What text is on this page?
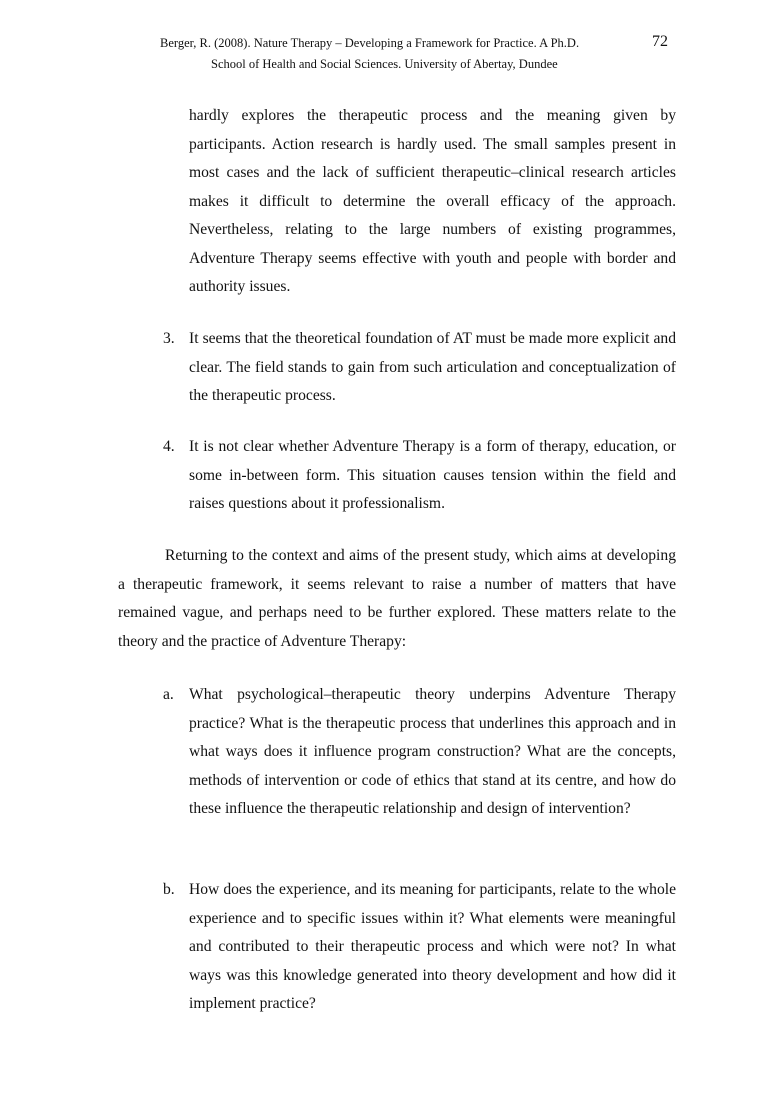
Berger, R. (2008). Nature Therapy – Developing a Framework for Practice. A Ph.D.	72
School of Health and Social Sciences. University of Abertay, Dundee
hardly explores the therapeutic process and the meaning given by participants. Action research is hardly used. The small samples present in most cases and the lack of sufficient therapeutic–clinical research articles makes it difficult to determine the overall efficacy of the approach. Nevertheless, relating to the large numbers of existing programmes, Adventure Therapy seems effective with youth and people with border and authority issues.
3. It seems that the theoretical foundation of AT must be made more explicit and clear. The field stands to gain from such articulation and conceptualization of the therapeutic process.
4. It is not clear whether Adventure Therapy is a form of therapy, education, or some in-between form. This situation causes tension within the field and raises questions about it professionalism.
Returning to the context and aims of the present study, which aims at developing a therapeutic framework, it seems relevant to raise a number of matters that have remained vague, and perhaps need to be further explored. These matters relate to the theory and the practice of Adventure Therapy:
a. What psychological–therapeutic theory underpins Adventure Therapy practice? What is the therapeutic process that underlines this approach and in what ways does it influence program construction? What are the concepts, methods of intervention or code of ethics that stand at its centre, and how do these influence the therapeutic relationship and design of intervention?
b. How does the experience, and its meaning for participants, relate to the whole experience and to specific issues within it? What elements were meaningful and contributed to their therapeutic process and which were not? In what ways was this knowledge generated into theory development and how did it implement practice?
